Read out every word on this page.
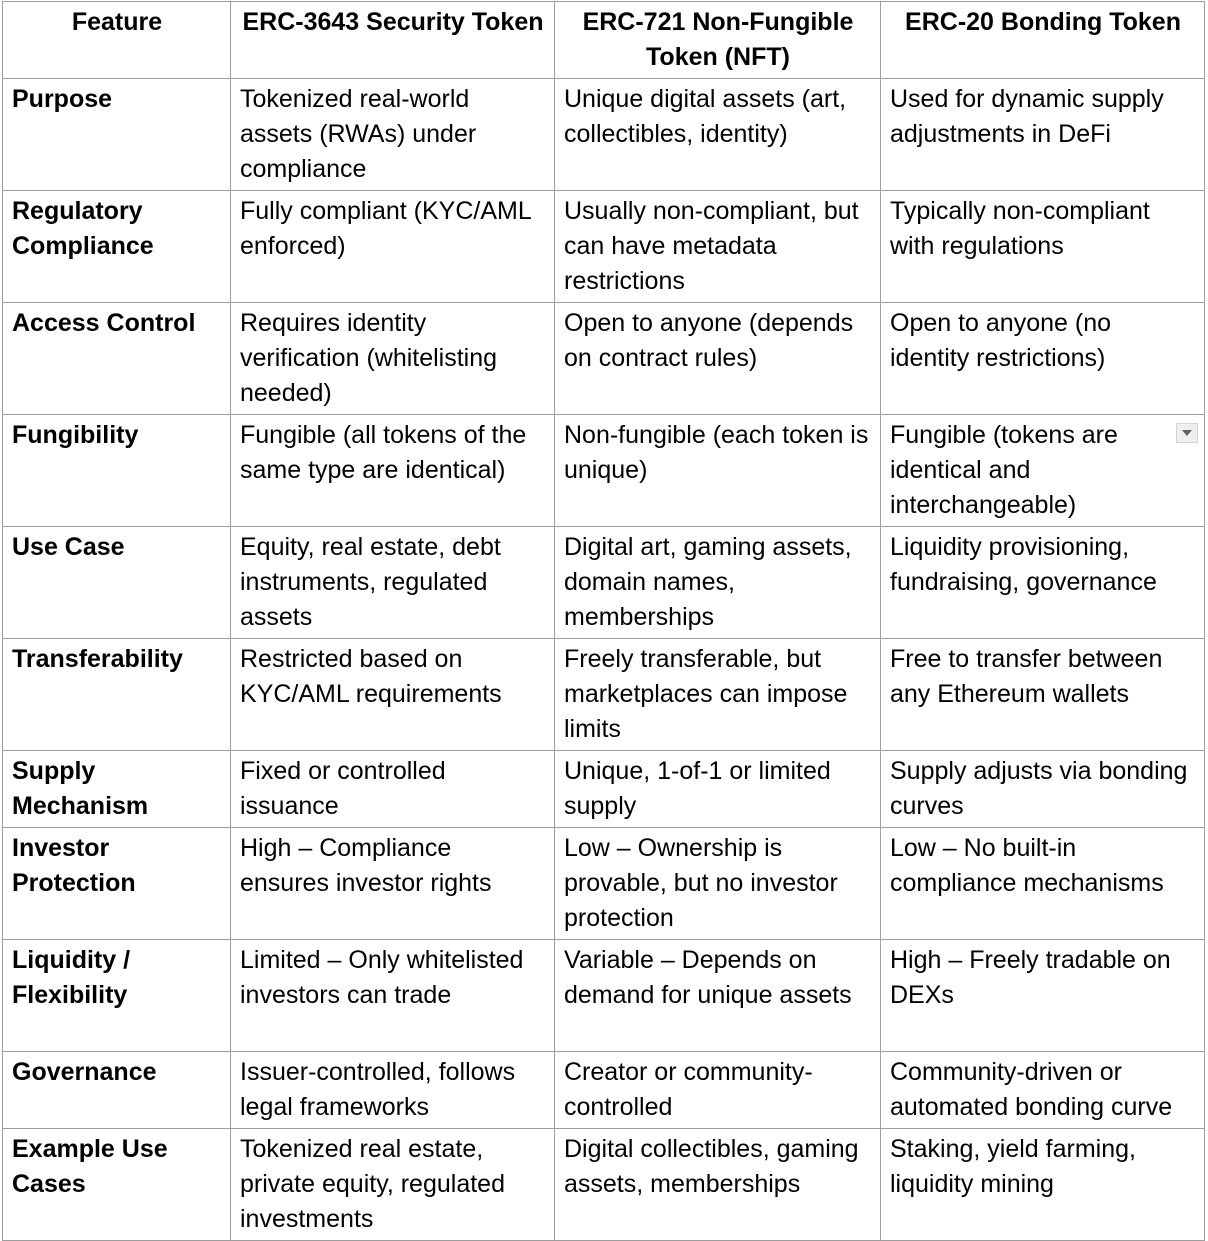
Feature	ERC-3643 Security Token	ERC-721 Non-Fungible Token (NFT)	ERC-20 Bonding Token
Purpose	Tokenized real-world assets (RWAs) under compliance	Unique digital assets (art, collectibles, identity)	Used for dynamic supply adjustments in DeFi
Regulatory Compliance	Fully compliant (KYC/AML enforced)	Usually non-compliant, but can have metadata restrictions	Typically non-compliant with regulations
Access Control	Requires identity verification (whitelisting needed)	Open to anyone (depends on contract rules)	Open to anyone (no identity restrictions)
Fungibility	Fungible (all tokens of the same type are identical)	Non-fungible (each token is unique)	Fungible (tokens are identical and interchangeable)

Use Case	Equity, real estate, debt instruments, regulated assets	Digital art, gaming assets, domain names, memberships	Liquidity provisioning, fundraising, governance
Transferability	Restricted based on KYC/AML requirements	Freely transferable, but marketplaces can impose limits	Free to transfer between any Ethereum wallets
Supply Mechanism	Fixed or controlled issuance	Unique, 1-of-1 or limited supply	Supply adjusts via bonding curves
Investor Protection	High – Compliance ensures investor rights	Low – Ownership is provable, but no investor protection	Low – No built-in compliance mechanisms
Liquidity / Flexibility	Limited – Only whitelisted investors can trade	Variable – Depends on demand for unique assets	High – Freely tradable on DEXs
Governance	Issuer-controlled, follows legal frameworks	Creator or community-controlled	Community-driven or automated bonding curve
Example Use Cases	Tokenized real estate, private equity, regulated investments	Digital collectibles, gaming assets, memberships	Staking, yield farming, liquidity mining
